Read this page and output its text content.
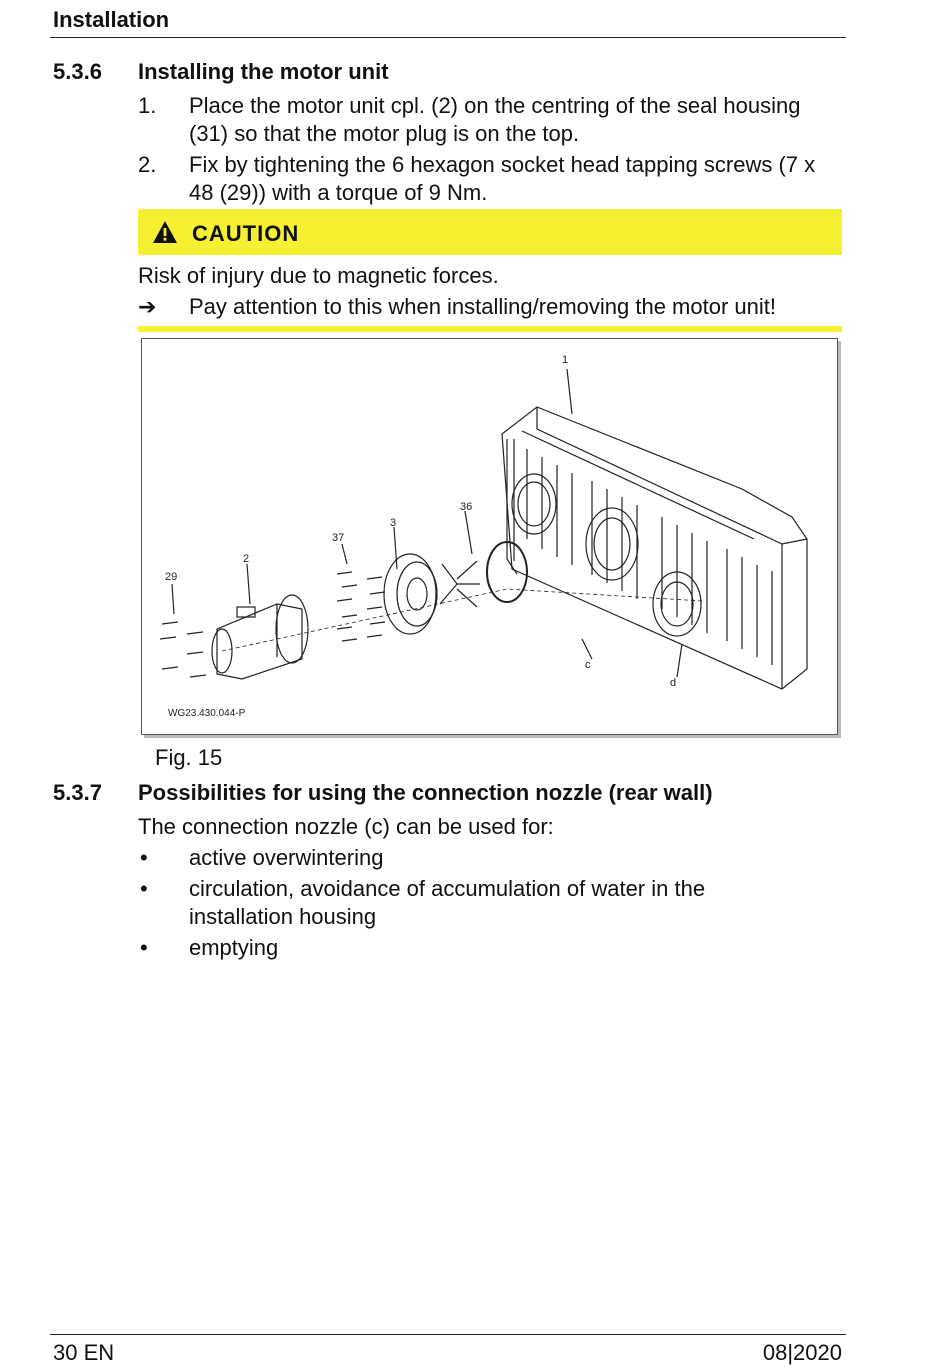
Installation
5.3.6 Installing the motor unit
1. Place the motor unit cpl. (2) on the centring of the seal housing (31) so that the motor plug is on the top.
2. Fix by tightening the 6 hexagon socket head tapping screws (7 x 48 (29)) with a torque of 9 Nm.
CAUTION
Risk of injury due to magnetic forces.
➔ Pay attention to this when installing/removing the motor unit!
1
36
3
37
2
29
c
d
WG23.430.044-P
Fig. 15
5.3.7 Possibilities for using the connection nozzle (rear wall)
The connection nozzle (c) can be used for:
• active overwintering
• circulation, avoidance of accumulation of water in the installation housing
• emptying
30 EN	08|2020
